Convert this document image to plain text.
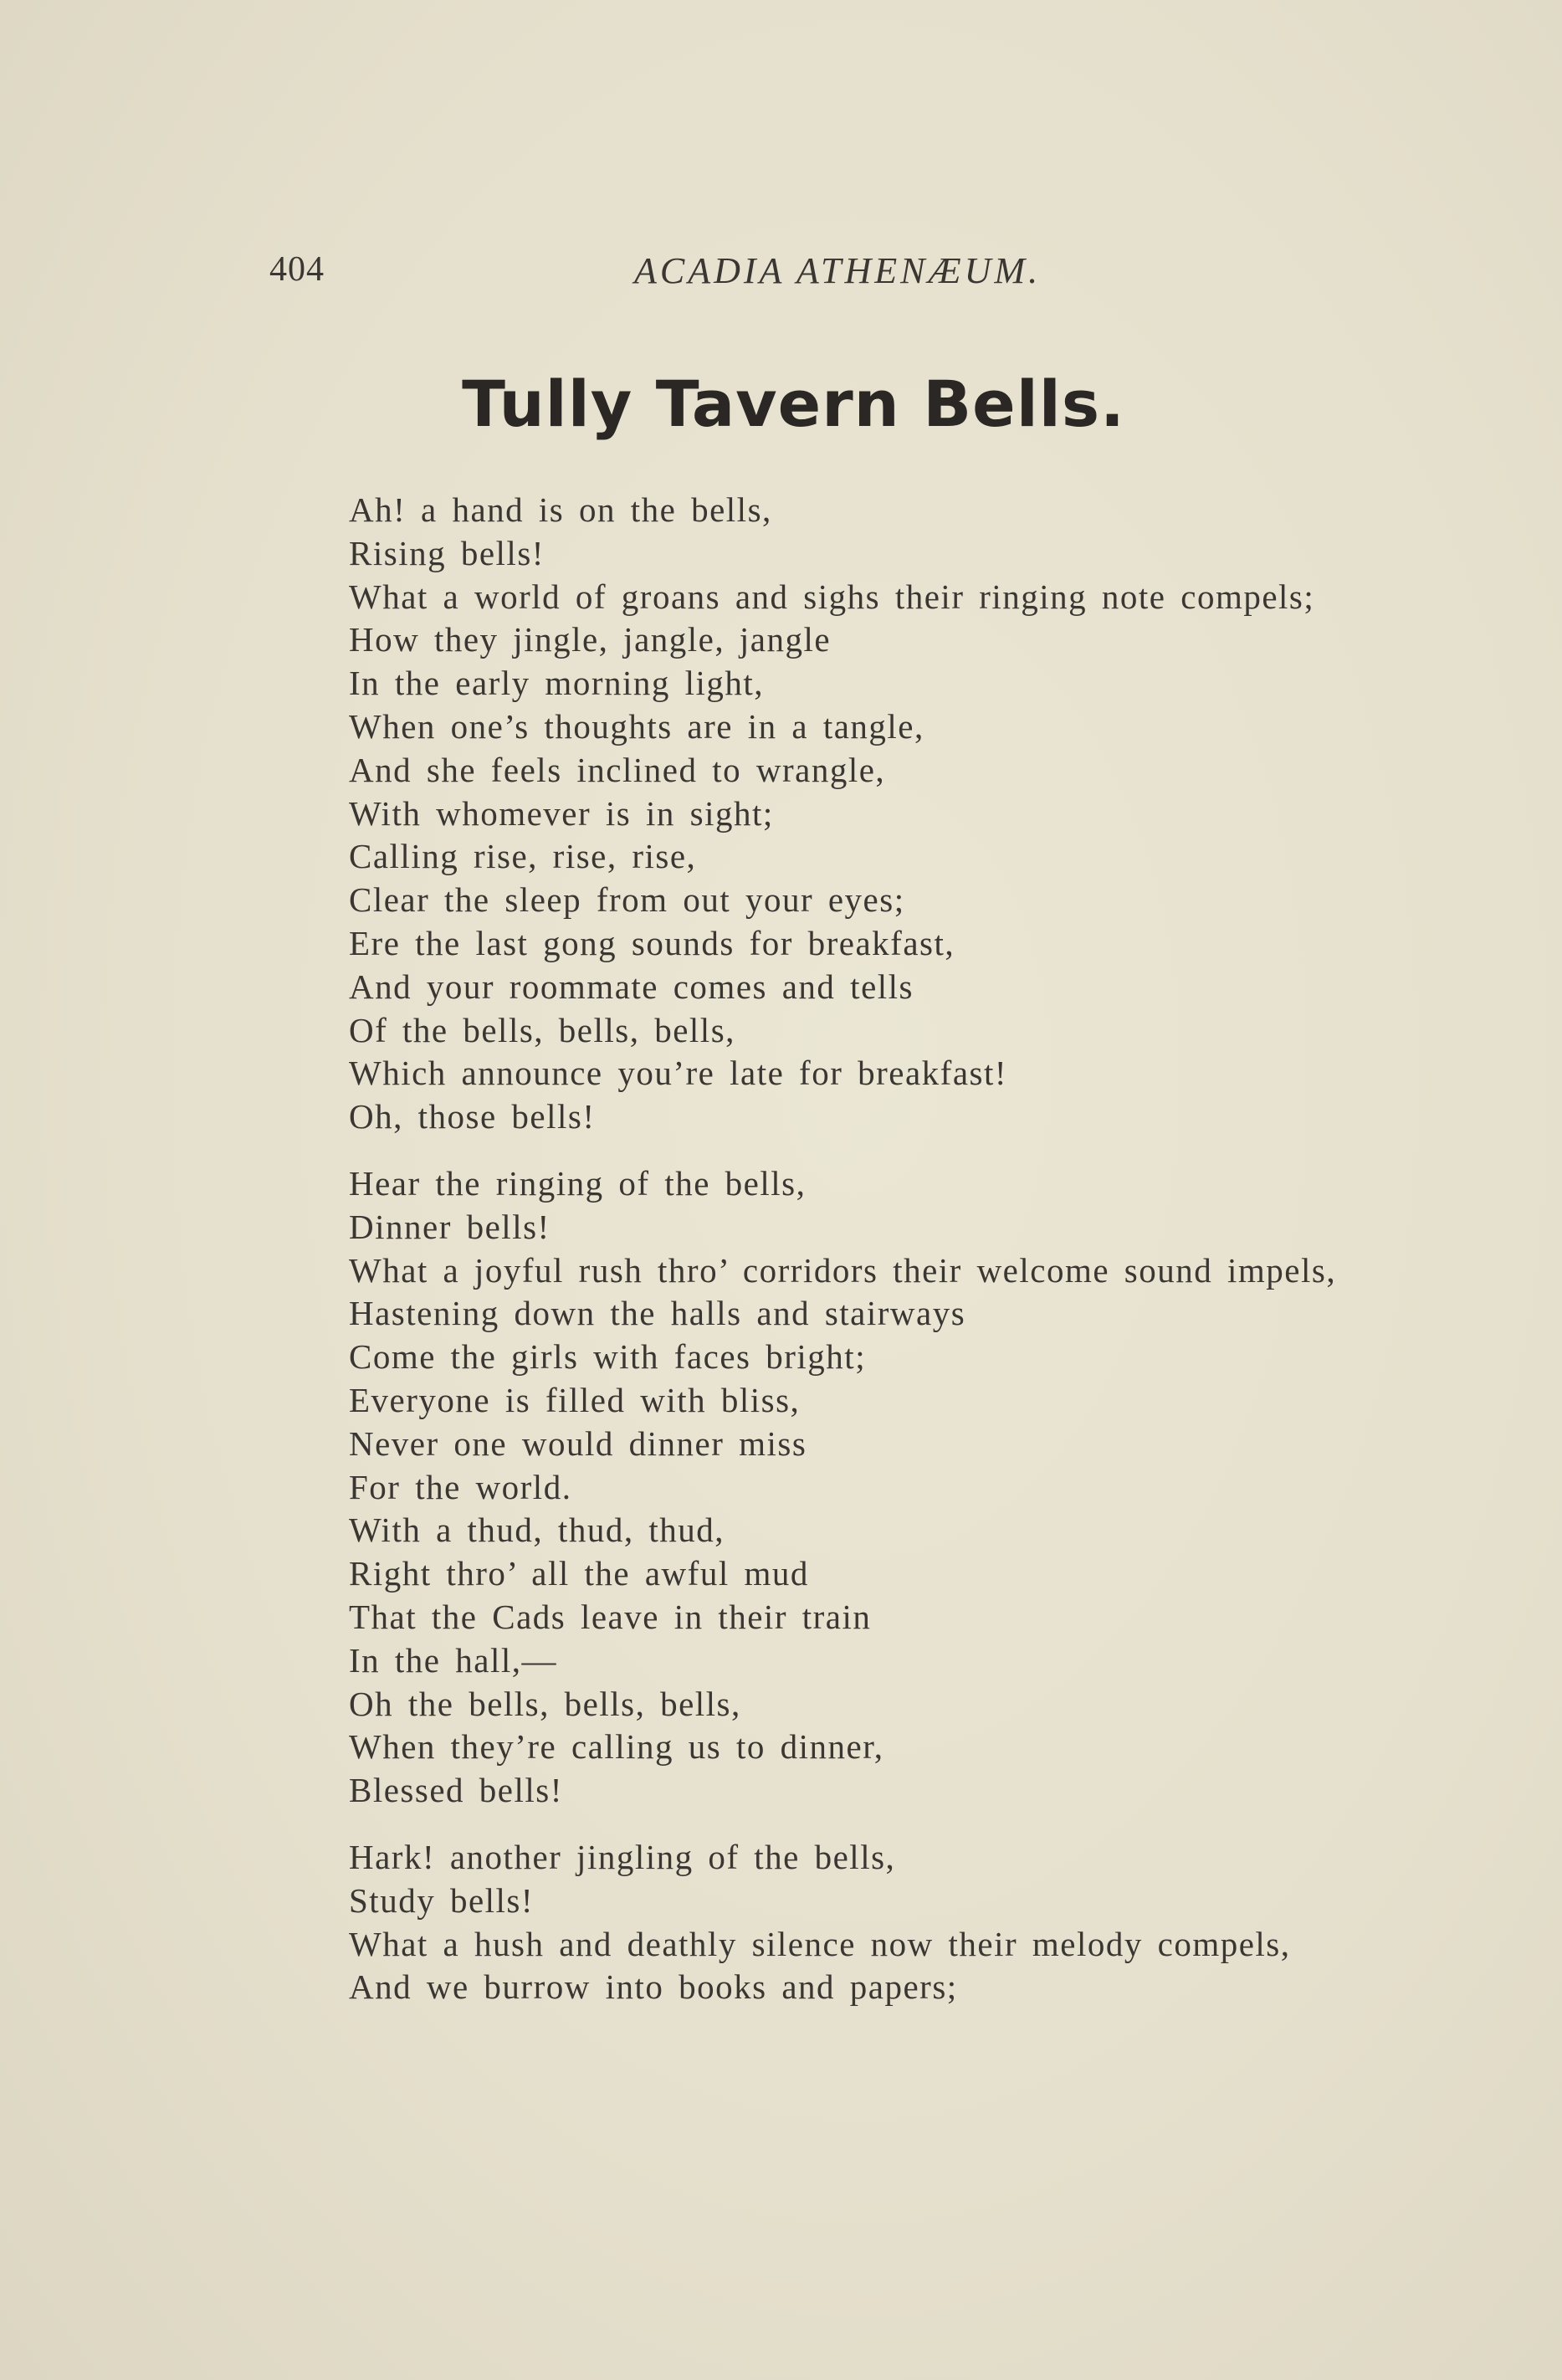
404	ACADIA ATHENÆUM.
Tully Tavern Bells.
Ah! a hand is on the bells,
Rising bells!
What a world of groans and sighs their ringing note compels;
How they jingle, jangle, jangle
In the early morning light,
When one’s thoughts are in a tangle,
And she feels inclined to wrangle,
With whomever is in sight;
Calling rise, rise, rise,
Clear the sleep from out your eyes;
Ere the last gong sounds for breakfast,
And your roommate comes and tells
Of the bells, bells, bells,
Which announce you’re late for breakfast!
Oh, those bells!
Hear the ringing of the bells,
Dinner bells!
What a joyful rush thro’ corridors their welcome sound impels,
Hastening down the halls and stairways
Come the girls with faces bright;
Everyone is filled with bliss,
Never one would dinner miss
For the world.
With a thud, thud, thud,
Right thro’ all the awful mud
That the Cads leave in their train
In the hall,—
Oh the bells, bells, bells,
When they’re calling us to dinner,
Blessed bells!
Hark! another jingling of the bells,
Study bells!
What a hush and deathly silence now their melody compels,
And we burrow into books and papers;
